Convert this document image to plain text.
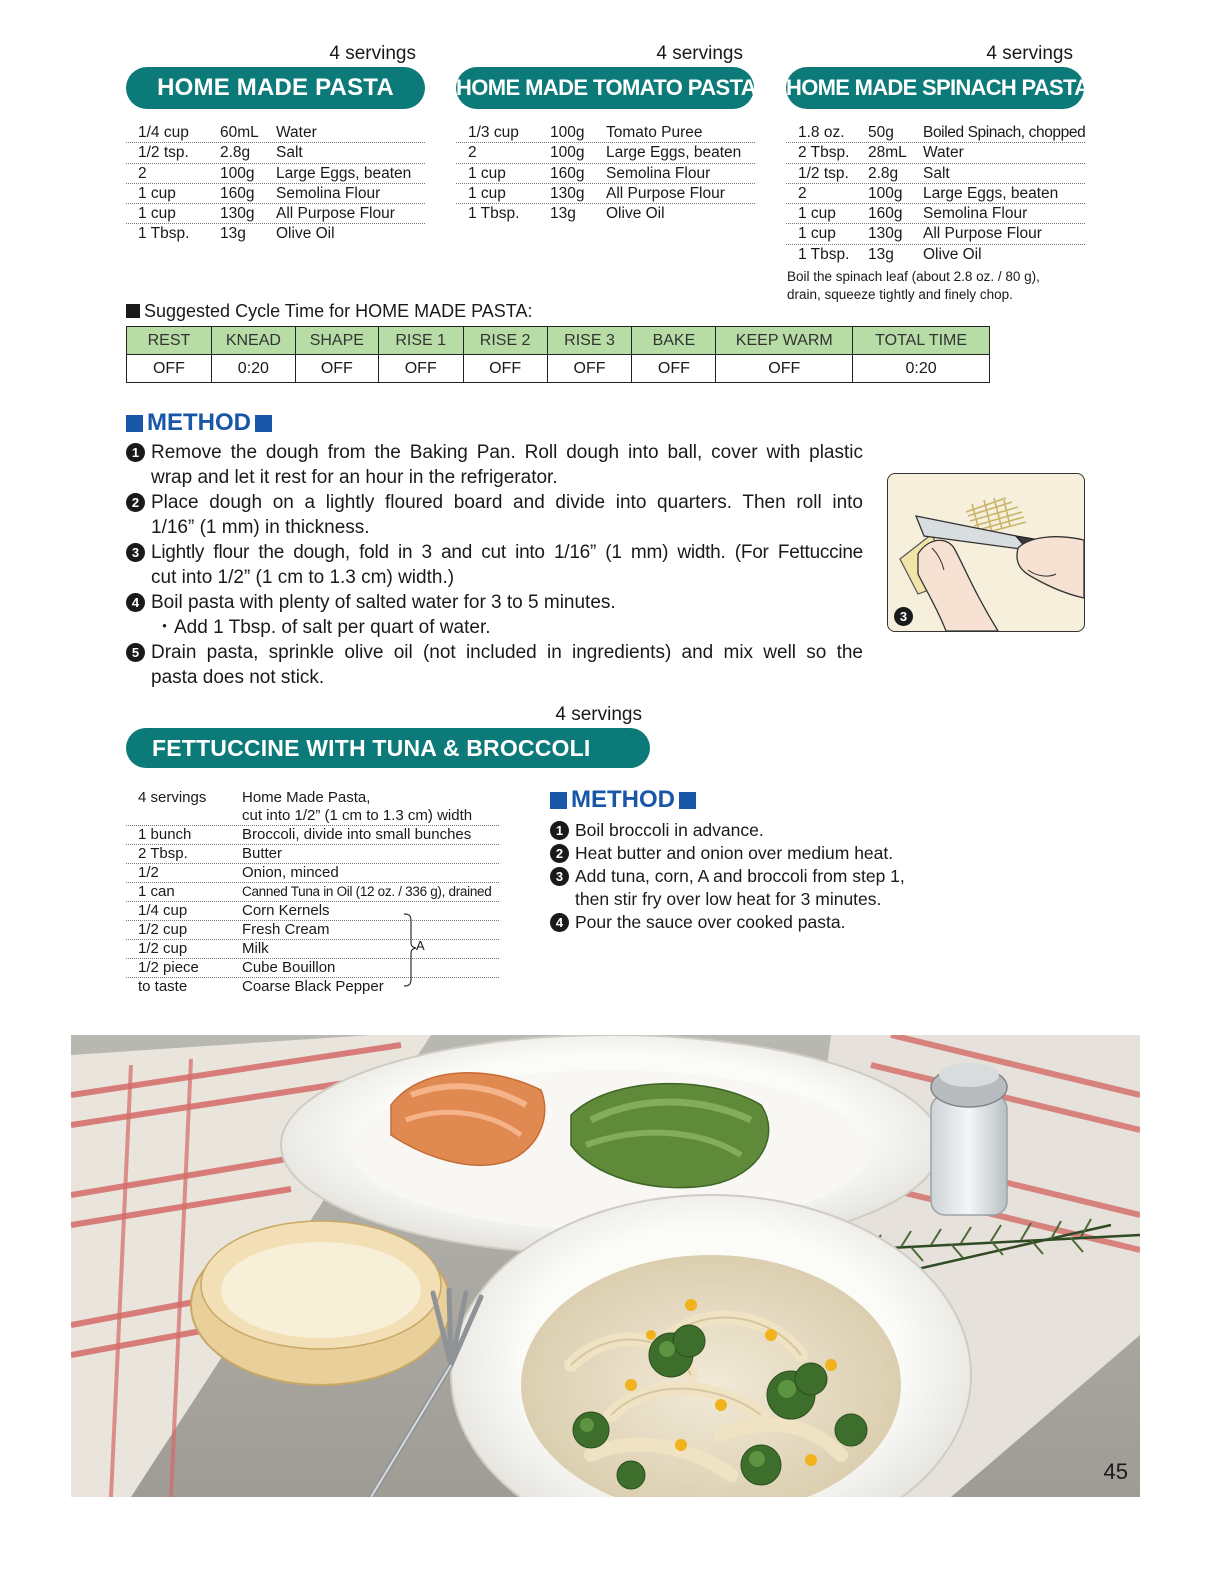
4 servings
HOME MADE PASTA
4 servings
HOME MADE TOMATO PASTA
4 servings
HOME MADE SPINACH PASTA
1/4 cup	60mL	Water
1/2 tsp.	2.8g	Salt
2	100g	Large Eggs, beaten
1 cup	160g	Semolina Flour
1 cup	130g	All Purpose Flour
1 Tbsp.	13g	Olive Oil
1/3 cup	100g	Tomato Puree
2	100g	Large Eggs, beaten
1 cup	160g	Semolina Flour
1 cup	130g	All Purpose Flour
1 Tbsp.	13g	Olive Oil
1.8 oz.	50g	Boiled Spinach, chopped
2 Tbsp.	28mL	Water
1/2 tsp.	2.8g	Salt
2	100g	Large Eggs, beaten
1 cup	160g	Semolina Flour
1 cup	130g	All Purpose Flour
1 Tbsp.	13g	Olive Oil
Boil the spinach leaf (about 2.8 oz. / 80 g),
drain, squeeze tightly and finely chop.
Suggested Cycle Time for HOME MADE PASTA:
REST	KNEAD	SHAPE	RISE 1	RISE 2	RISE 3	BAKE	KEEP WARM	TOTAL TIME
OFF	0:20	OFF	OFF	OFF	OFF	OFF	OFF	0:20
METHOD
1 Remove the dough from the Baking Pan. Roll dough into ball, cover with plastic
wrap and let it rest for an hour in the refrigerator.
2 Place dough on a lightly floured board and divide into quarters. Then roll into
1/16” (1 mm) in thickness.
3 Lightly flour the dough, fold in 3 and cut into 1/16” (1 mm) width. (For Fettuccine
cut into 1/2” (1 cm to 1.3 cm) width.)
4 Boil pasta with plenty of salted water for 3 to 5 minutes.
・Add 1 Tbsp. of salt per quart of water.
5 Drain pasta, sprinkle olive oil (not included in ingredients) and mix well so the
pasta does not stick.
3
4 servings
FETTUCCINE WITH TUNA & BROCCOLI
4 servings	Home Made Pasta,
cut into 1/2” (1 cm to 1.3 cm) width
1 bunch	Broccoli, divide into small bunches
2 Tbsp.	Butter
1/2	Onion, minced
1 can	Canned Tuna in Oil (12 oz. / 336 g), drained
1/4 cup	Corn Kernels
1/2 cup	Fresh Cream
1/2 cup	Milk
1/2 piece	Cube Bouillon
to taste	Coarse Black Pepper
A
METHOD
1 Boil broccoli in advance.
2 Heat butter and onion over medium heat.
3 Add tuna, corn, A and broccoli from step 1,
then stir fry over low heat for 3 minutes.
4 Pour the sauce over cooked pasta.
45
